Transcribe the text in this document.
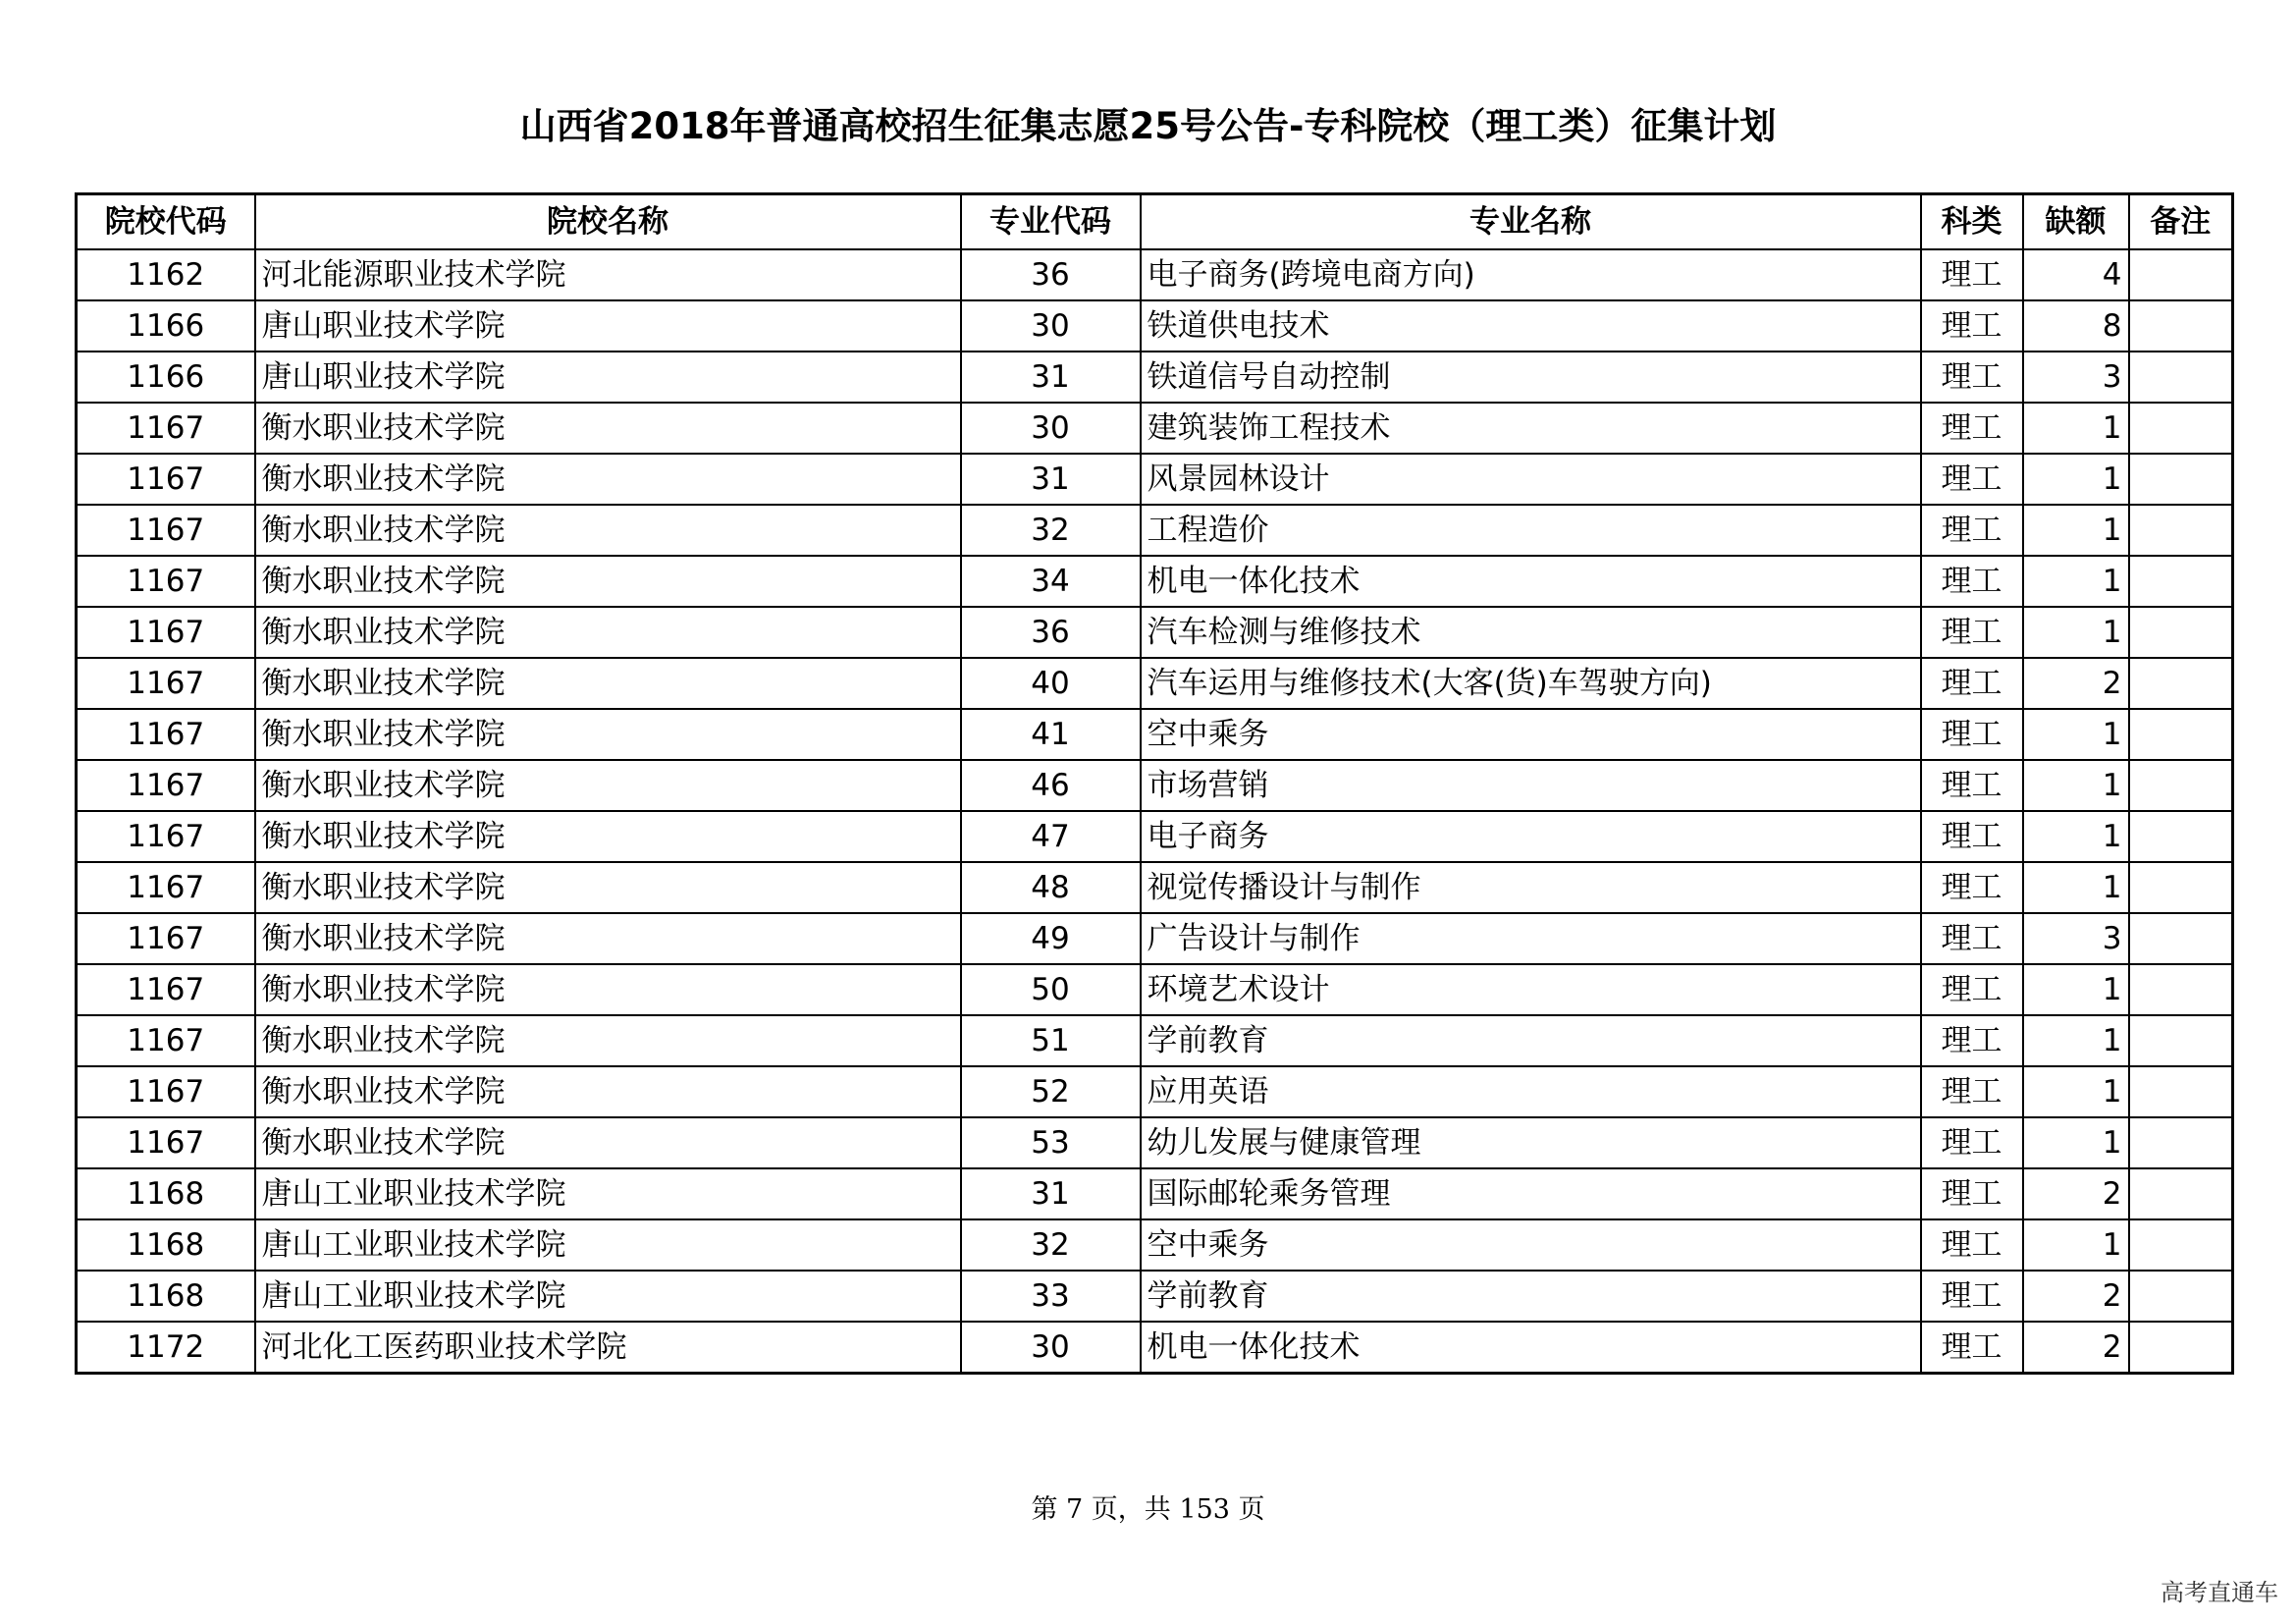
山西省2018年普通高校招生征集志愿25号公告-专科院校（理工类）征集计划
院校代码	院校名称	专业代码	专业名称	科类	缺额	备注
1162	河北能源职业技术学院	36	电子商务(跨境电商方向)	理工	4	
1166	唐山职业技术学院	30	铁道供电技术	理工	8	
1166	唐山职业技术学院	31	铁道信号自动控制	理工	3	
1167	衡水职业技术学院	30	建筑装饰工程技术	理工	1	
1167	衡水职业技术学院	31	风景园林设计	理工	1	
1167	衡水职业技术学院	32	工程造价	理工	1	
1167	衡水职业技术学院	34	机电一体化技术	理工	1	
1167	衡水职业技术学院	36	汽车检测与维修技术	理工	1	
1167	衡水职业技术学院	40	汽车运用与维修技术(大客(货)车驾驶方向)	理工	2	
1167	衡水职业技术学院	41	空中乘务	理工	1	
1167	衡水职业技术学院	46	市场营销	理工	1	
1167	衡水职业技术学院	47	电子商务	理工	1	
1167	衡水职业技术学院	48	视觉传播设计与制作	理工	1	
1167	衡水职业技术学院	49	广告设计与制作	理工	3	
1167	衡水职业技术学院	50	环境艺术设计	理工	1	
1167	衡水职业技术学院	51	学前教育	理工	1	
1167	衡水职业技术学院	52	应用英语	理工	1	
1167	衡水职业技术学院	53	幼儿发展与健康管理	理工	1	
1168	唐山工业职业技术学院	31	国际邮轮乘务管理	理工	2	
1168	唐山工业职业技术学院	32	空中乘务	理工	1	
1168	唐山工业职业技术学院	33	学前教育	理工	2	
1172	河北化工医药职业技术学院	30	机电一体化技术	理工	2	
第 7 页，共 153 页
高考直通车
